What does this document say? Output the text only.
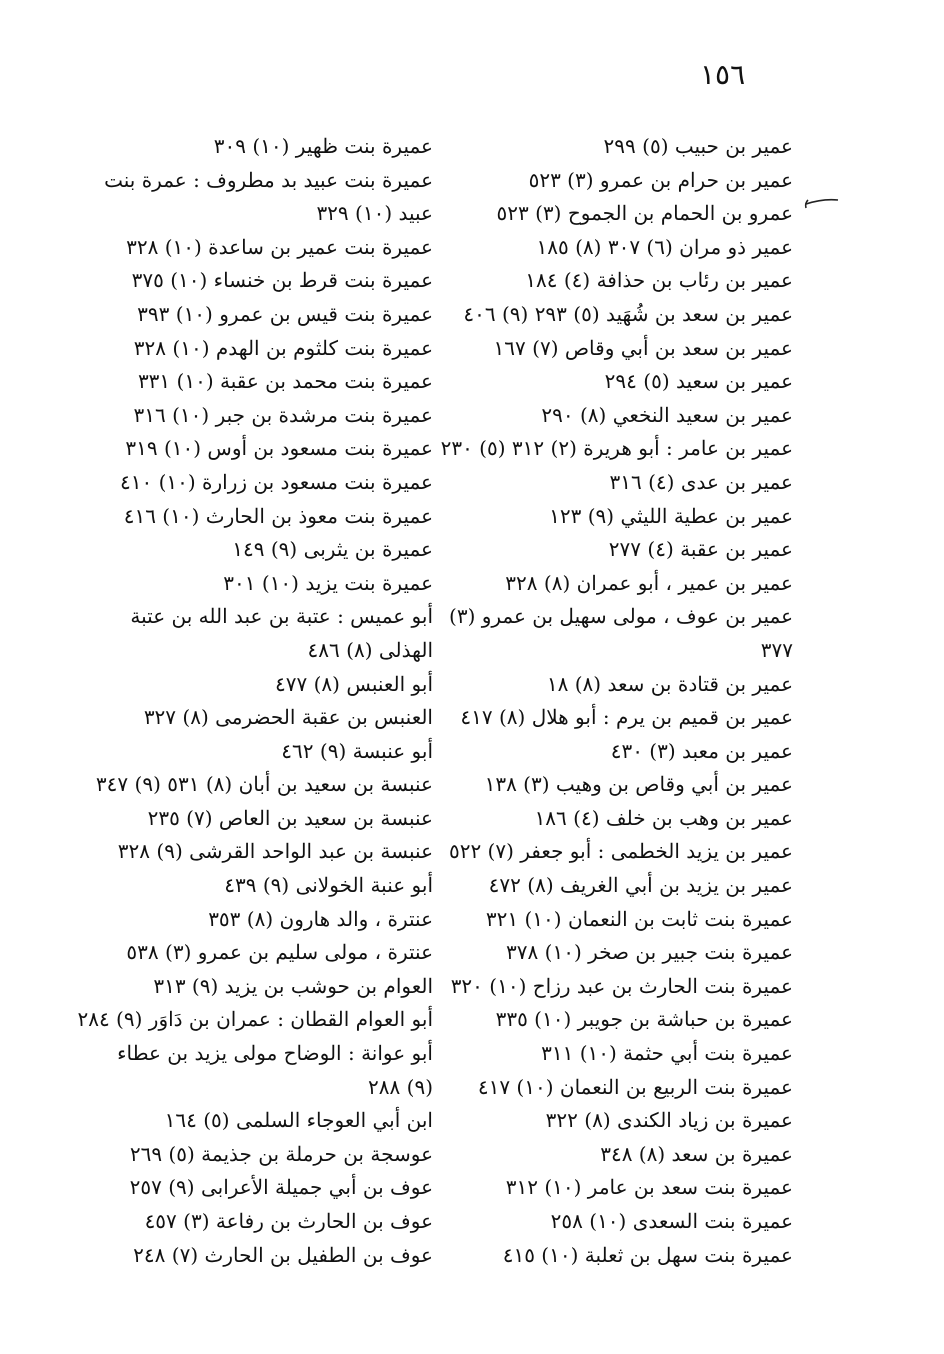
١٥٦
عمير بن حبيب (٥) ٢٩٩
عمير بن حرام بن عمرو (٣) ٥٢٣
عمرو بن الحمام بن الجموح (٣) ٥٢٣
عمير ذو مران (٦) ٣٠٧ (٨) ١٨٥
عمير بن رئاب بن حذافة (٤) ١٨٤
عمير بن سعد بن شُهَيد (٥) ٢٩٣ (٩) ٤٠٦
عمير بن سعد بن أبي وقاص (٧) ١٦٧
عمير بن سعيد (٥) ٢٩٤
عمير بن سعيد النخعي (٨) ٢٩٠
عمير بن عامر : أبو هريرة (٢) ٣١٢ (٥) ٢٣٠
عمير بن عدى (٤) ٣١٦
عمير بن عطية الليثي (٩) ١٢٣
عمير بن عقبة (٤) ٢٧٧
عمير بن عمير ، أبو عمران (٨) ٣٢٨
عمير بن عوف ، مولى سهيل بن عمرو (٣) ٣٧٧
عمير بن قتادة بن سعد (٨) ١٨
عمير بن قميم بن يرم : أبو هلال (٨) ٤١٧
عمير بن معبد (٣) ٤٣٠
عمير بن أبي وقاص بن وهيب (٣) ١٣٨
عمير بن وهب بن خلف (٤) ١٨٦
عمير بن يزيد الخطمى : أبو جعفر (٧) ٥٢٢
عمير بن يزيد بن أبي الغريف (٨) ٤٧٢
عميرة بنت ثابت بن النعمان (١٠) ٣٢١
عميرة بنت جبير بن صخر (١٠) ٣٧٨
عميرة بنت الحارث بن عبد رزاح (١٠) ٣٢٠
عميرة بن حباشة بن جويبر (١٠) ٣٣٥
عميرة بنت أبي حثمة (١٠) ٣١١
عميرة بنت الربيع بن النعمان (١٠) ٤١٧
عميرة بن زياد الكندى (٨) ٣٢٢
عميرة بن سعد (٨) ٣٤٨
عميرة بنت سعد بن عامر (١٠) ٣١٢
عميرة بنت السعدى (١٠) ٢٥٨
عميرة بنت سهل بن ثعلبة (١٠) ٤١٥
عميرة بنت ظهير (١٠) ٣٠٩
عميرة بنت عبيد بد مطروف : عمرة بنت عبيد (١٠) ٣٢٩
عميرة بنت عمير بن ساعدة (١٠) ٣٢٨
عميرة بنت قرط بن خنساء (١٠) ٣٧٥
عميرة بنت قيس بن عمرو (١٠) ٣٩٣
عميرة بنت كلثوم بن الهدم (١٠) ٣٢٨
عميرة بنت محمد بن عقبة (١٠) ٣٣١
عميرة بنت مرشدة بن جبر (١٠) ٣١٦
عميرة بنت مسعود بن أوس (١٠) ٣١٩
عميرة بنت مسعود بن زرارة (١٠) ٤١٠
عميرة بنت معوذ بن الحارث (١٠) ٤١٦
عميرة بن يثربى (٩) ١٤٩
عميرة بنت يزيد (١٠) ٣٠١
أبو عميس : عتبة بن عبد الله بن عتبة الهذلى (٨) ٤٨٦
أبو العنبس (٨) ٤٧٧
العنبس بن عقبة الحضرمى (٨) ٣٢٧
أبو عنبسة (٩) ٤٦٢
عنبسة بن سعيد بن أبان (٨) ٥٣١ (٩) ٣٤٧
عنبسة بن سعيد بن العاص (٧) ٢٣٥
عنبسة بن عبد الواحد القرشى (٩) ٣٢٨
أبو عنبة الخولانى (٩) ٤٣٩
عنترة ، والد هارون (٨) ٣٥٣
عنترة ، مولى سليم بن عمرو (٣) ٥٣٨
العوام بن حوشب بن يزيد (٩) ٣١٣
أبو العوام القطان : عمران بن دَاوَر (٩) ٢٨٤
أبو عوانة : الوضاح مولى يزيد بن عطاء (٩) ٢٨٨
ابن أبي العوجاء السلمى (٥) ١٦٤
عوسجة بن حرملة بن جذيمة (٥) ٢٦٩
عوف بن أبي جميلة الأعرابى (٩) ٢٥٧
عوف بن الحارث بن رفاعة (٣) ٤٥٧
عوف بن الطفيل بن الحارث (٧) ٢٤٨
